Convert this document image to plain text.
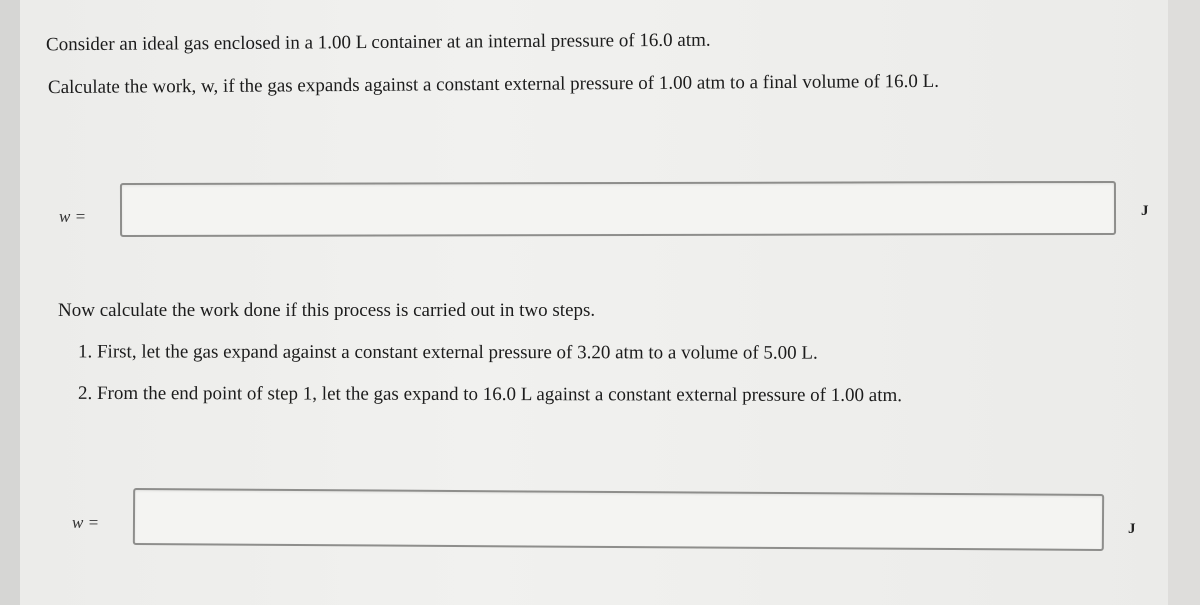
Consider an ideal gas enclosed in a 1.00 L container at an internal pressure of 16.0 atm.
Calculate the work, w, if the gas expands against a constant external pressure of 1.00 atm to a final volume of 16.0 L.
w =	J
Now calculate the work done if this process is carried out in two steps.
1. First, let the gas expand against a constant external pressure of 3.20 atm to a volume of 5.00 L.
2. From the end point of step 1, let the gas expand to 16.0 L against a constant external pressure of 1.00 atm.
w =	J
